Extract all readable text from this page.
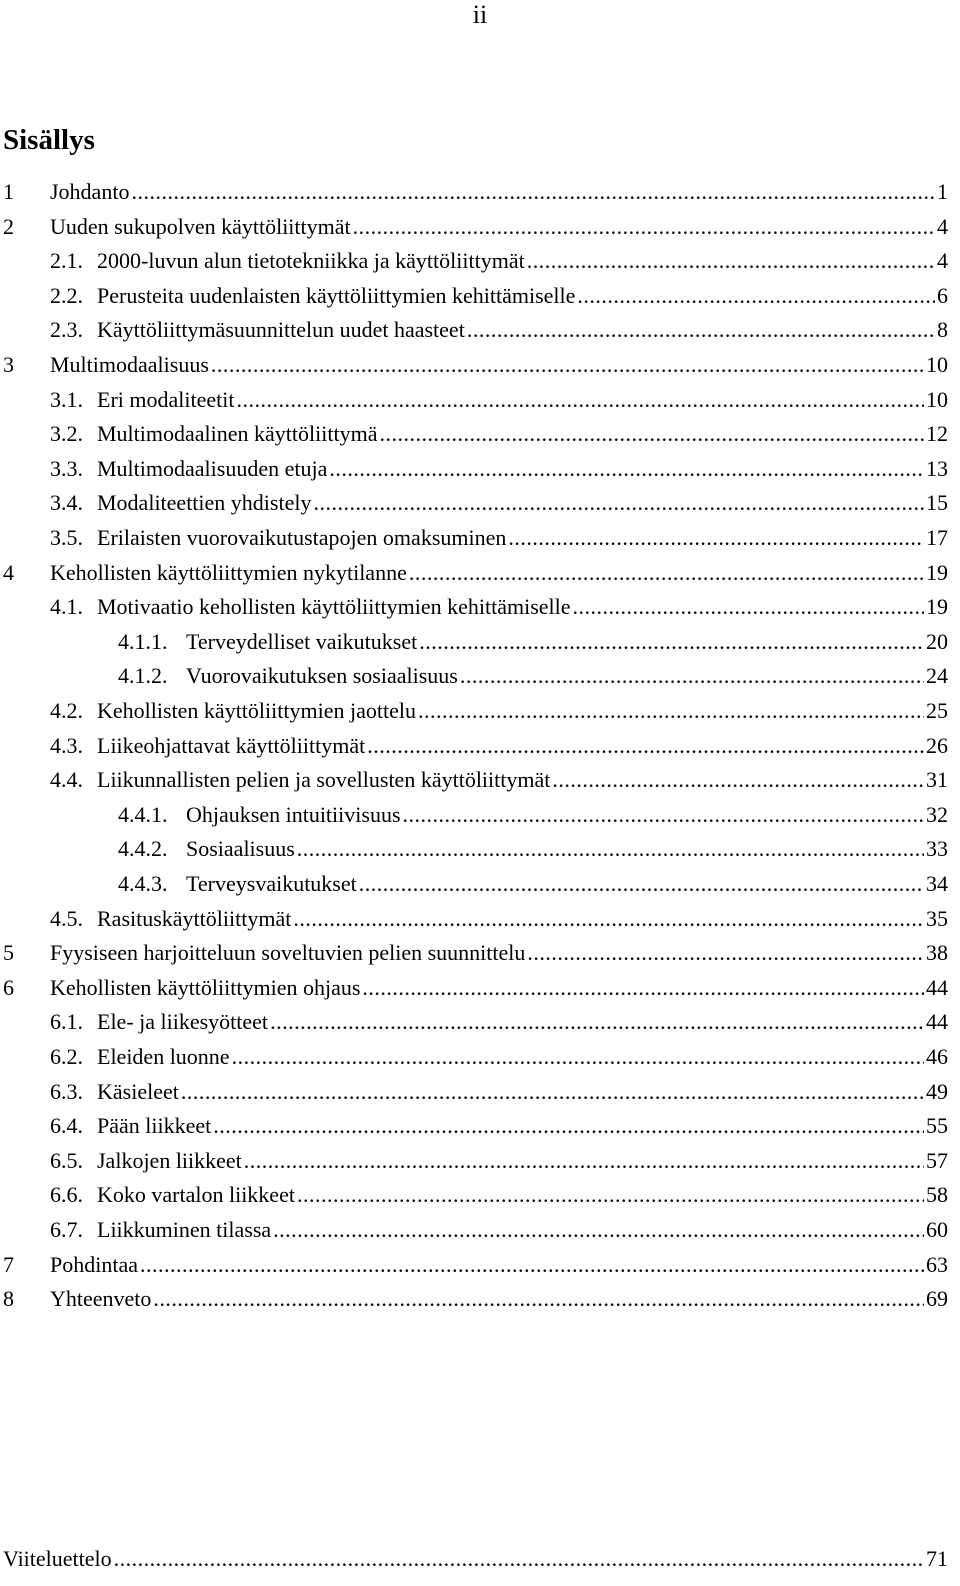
ii
Sisällys
1	Johdanto .....	1
2	Uuden sukupolven käyttöliittymät .....	4
2.1. 2000-luvun alun tietotekniikka ja käyttöliittymät .....	4
2.2. Perusteita uudenlaisten käyttöliittymien kehittämiselle .....	6
2.3. Käyttöliittymäsuunnittelun uudet haasteet .....	8
3	Multimodaalisuus .....	10
3.1. Eri modaliteetit .....	10
3.2. Multimodaalinen käyttöliittymä .....	12
3.3. Multimodaalisuuden etuja .....	13
3.4. Modaliteettien yhdistely .....	15
3.5. Erilaisten vuorovaikutustapojen omaksuminen .....	17
4	Kehollisten käyttöliittymien nykytilanne .....	19
4.1. Motivaatio kehollisten käyttöliittymien kehittämiselle .....	19
4.1.1. Terveydelliset vaikutukset .....	20
4.1.2. Vuorovaikutuksen sosiaalisuus .....	24
4.2. Kehollisten käyttöliittymien jaottelu .....	25
4.3. Liikeohjattavat käyttöliittymät .....	26
4.4. Liikunnallisten pelien ja sovellusten käyttöliittymät .....	31
4.4.1. Ohjauksen intuitiivisuus .....	32
4.4.2. Sosiaalisuus .....	33
4.4.3. Terveysvaikutukset .....	34
4.5. Rasituskäyttöliittymät .....	35
5	Fyysiseen harjoitteluun soveltuvien pelien suunnittelu .....	38
6	Kehollisten käyttöliittymien ohjaus .....	44
6.1. Ele- ja liikesyötteet .....	44
6.2. Eleiden luonne .....	46
6.3. Käsieleet .....	49
6.4. Pään liikkeet .....	55
6.5. Jalkojen liikkeet .....	57
6.6. Koko vartalon liikkeet .....	58
6.7. Liikkuminen tilassa .....	60
7	Pohdintaa .....	63
8	Yhteenveto .....	69
Viiteluettelo .....	71
